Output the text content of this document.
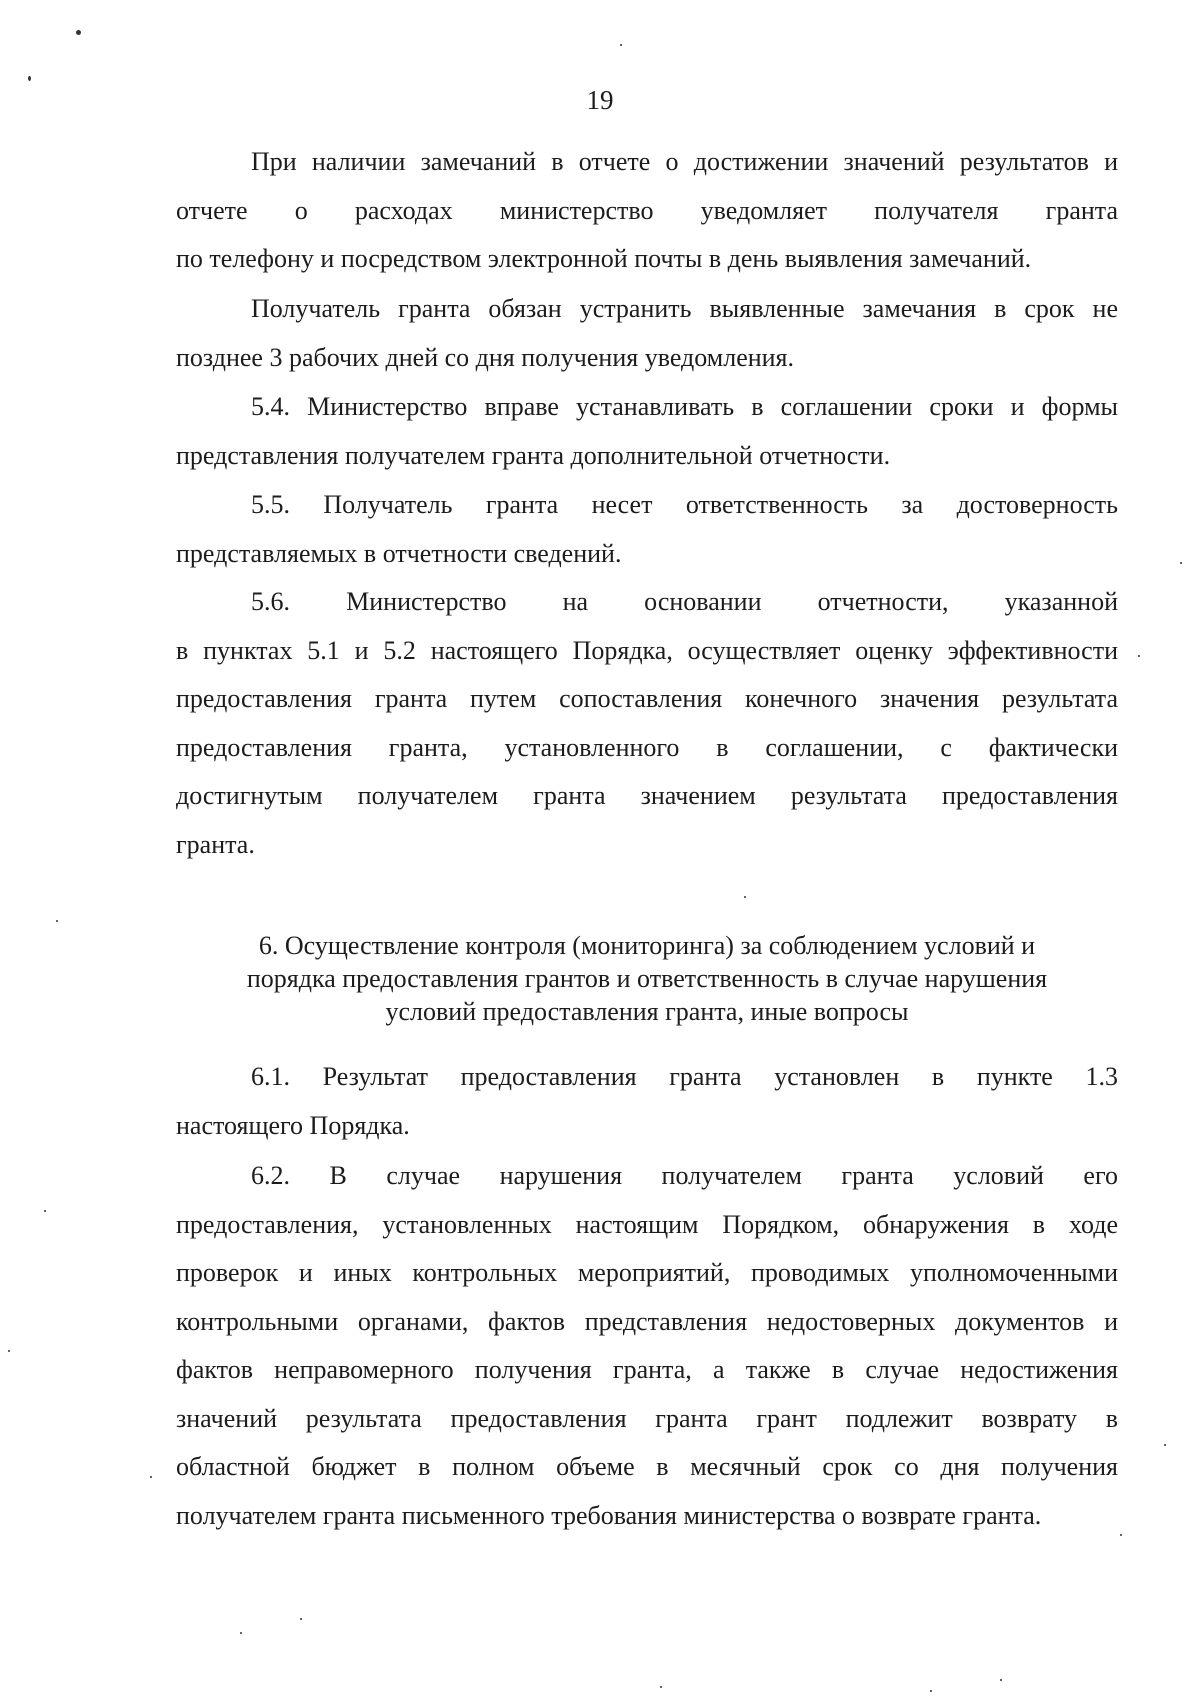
19

При наличии замечаний в отчете о достижении значений результатов и
отчете о расходах министерство уведомляет получателя гранта
по телефону и посредством электронной почты в день выявления замечаний.

Получатель гранта обязан устранить выявленные замечания в срок не
позднее 3 рабочих дней со дня получения уведомления.

5.4. Министерство вправе устанавливать в соглашении сроки и формы
представления получателем гранта дополнительной отчетности.

5.5. Получатель гранта несет ответственность за достоверность
представляемых в отчетности сведений.

5.6. Министерство на основании отчетности, указанной
в пунктах 5.1 и 5.2 настоящего Порядка, осуществляет оценку эффективности
предоставления гранта путем сопоставления конечного значения результата
предоставления гранта, установленного в соглашении, с фактически
достигнутым получателем гранта значением результата предоставления
гранта.

6. Осуществление контроля (мониторинга) за соблюдением условий и
порядка предоставления грантов и ответственность в случае нарушения
условий предоставления гранта, иные вопросы

6.1. Результат предоставления гранта установлен в пункте 1.3
настоящего Порядка.

6.2. В случае нарушения получателем гранта условий его
предоставления, установленных настоящим Порядком, обнаружения в ходе
проверок и иных контрольных мероприятий, проводимых уполномоченными
контрольными органами, фактов представления недостоверных документов и
фактов неправомерного получения гранта, а также в случае недостижения
значений результата предоставления гранта грант подлежит возврату в
областной бюджет в полном объеме в месячный срок со дня получения
получателем гранта письменного требования министерства о возврате гранта.
